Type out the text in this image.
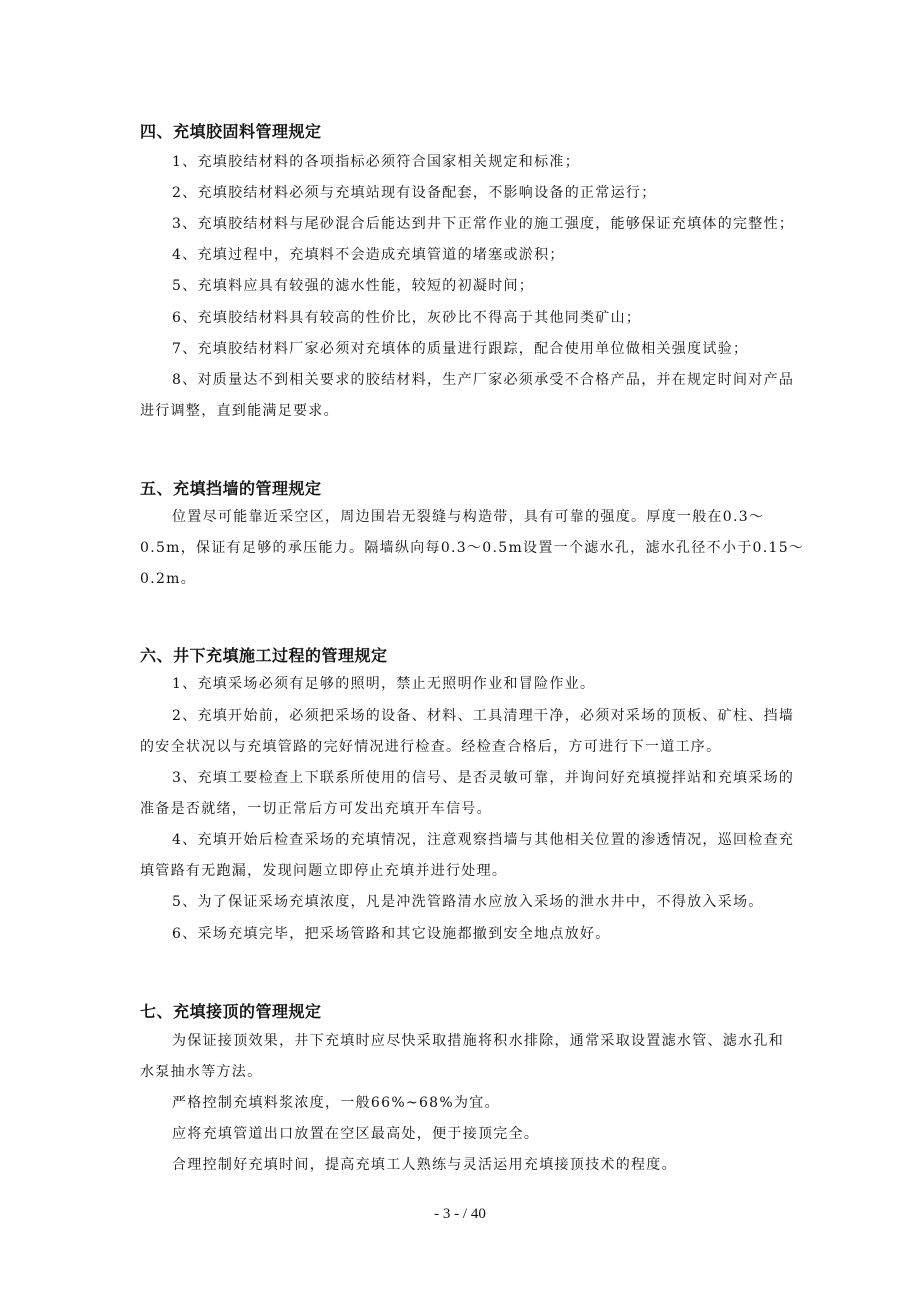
四、充填胶固料管理规定
1、充填胶结材料的各项指标必须符合国家相关规定和标准；
2、充填胶结材料必须与充填站现有设备配套，不影响设备的正常运行；
3、充填胶结材料与尾砂混合后能达到井下正常作业的施工强度，能够保证充填体的完整性；
4、充填过程中，充填料不会造成充填管道的堵塞或淤积；
5、充填料应具有较强的滤水性能，较短的初凝时间；
6、充填胶结材料具有较高的性价比，灰砂比不得高于其他同类矿山；
7、充填胶结材料厂家必须对充填体的质量进行跟踪，配合使用单位做相关强度试验；
8、对质量达不到相关要求的胶结材料，生产厂家必须承受不合格产品，并在规定时间对产品
进行调整，直到能满足要求。
五、充填挡墙的管理规定
位置尽可能靠近采空区，周边围岩无裂缝与构造带，具有可靠的强度。厚度一般在0.3～
0.5m，保证有足够的承压能力。隔墙纵向每0.3～0.5m设置一个滤水孔，滤水孔径不小于0.15～
0.2m。
六、井下充填施工过程的管理规定
1、充填采场必须有足够的照明，禁止无照明作业和冒险作业。
2、充填开始前，必须把采场的设备、材料、工具清理干净，必须对采场的顶板、矿柱、挡墙
的安全状况以与充填管路的完好情况进行检查。经检查合格后，方可进行下一道工序。
3、充填工要检查上下联系所使用的信号、是否灵敏可靠，并询问好充填搅拌站和充填采场的
准备是否就绪，一切正常后方可发出充填开车信号。
4、充填开始后检查采场的充填情况，注意观察挡墙与其他相关位置的渗透情况，巡回检查充
填管路有无跑漏，发现问题立即停止充填并进行处理。
5、为了保证采场充填浓度，凡是冲洗管路清水应放入采场的泄水井中，不得放入采场。
6、采场充填完毕，把采场管路和其它设施都撤到安全地点放好。
七、充填接顶的管理规定
为保证接顶效果，井下充填时应尽快采取措施将积水排除，通常采取设置滤水管、滤水孔和
水泵抽水等方法。
严格控制充填料浆浓度，一般66%~68%为宜。
应将充填管道出口放置在空区最高处，便于接顶完全。
合理控制好充填时间，提高充填工人熟练与灵活运用充填接顶技术的程度。
- 3 - / 40
